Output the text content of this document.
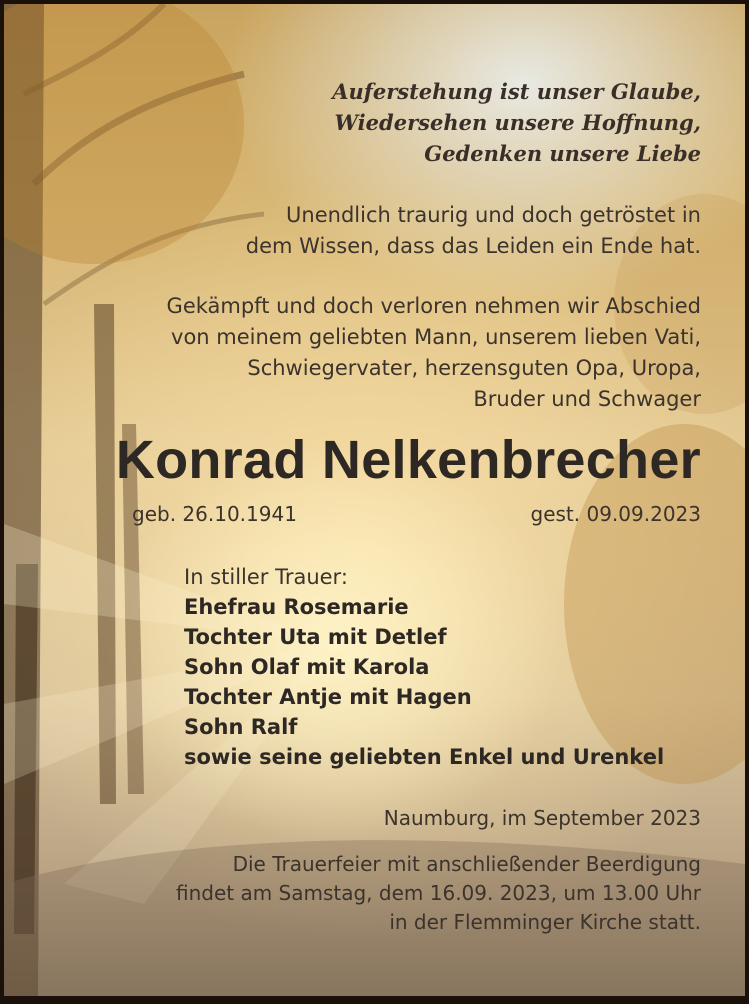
Auferstehung ist unser Glaube,

Wiedersehen unsere Hoffnung,

Gedenken unsere Liebe

Unendlich traurig und doch getröstet in

dem Wissen, dass das Leiden ein Ende hat.

Gekämpft und doch verloren nehmen wir Abschied

von meinem geliebten Mann, unserem lieben Vati,

Schwiegervater, herzensguten Opa, Uropa,

Bruder und Schwager

Konrad Nelkenbrecher

geb. 26.10.1941	gest. 09.09.2023

In stiller Trauer:

Ehefrau Rosemarie

Tochter Uta mit Detlef

Sohn Olaf mit Karola

Tochter Antje mit Hagen

Sohn Ralf

sowie seine geliebten Enkel und Urenkel

Naumburg, im September 2023

Die Trauerfeier mit anschließender Beerdigung

findet am Samstag, dem 16.09. 2023, um 13.00 Uhr

in der Flemminger Kirche statt.
